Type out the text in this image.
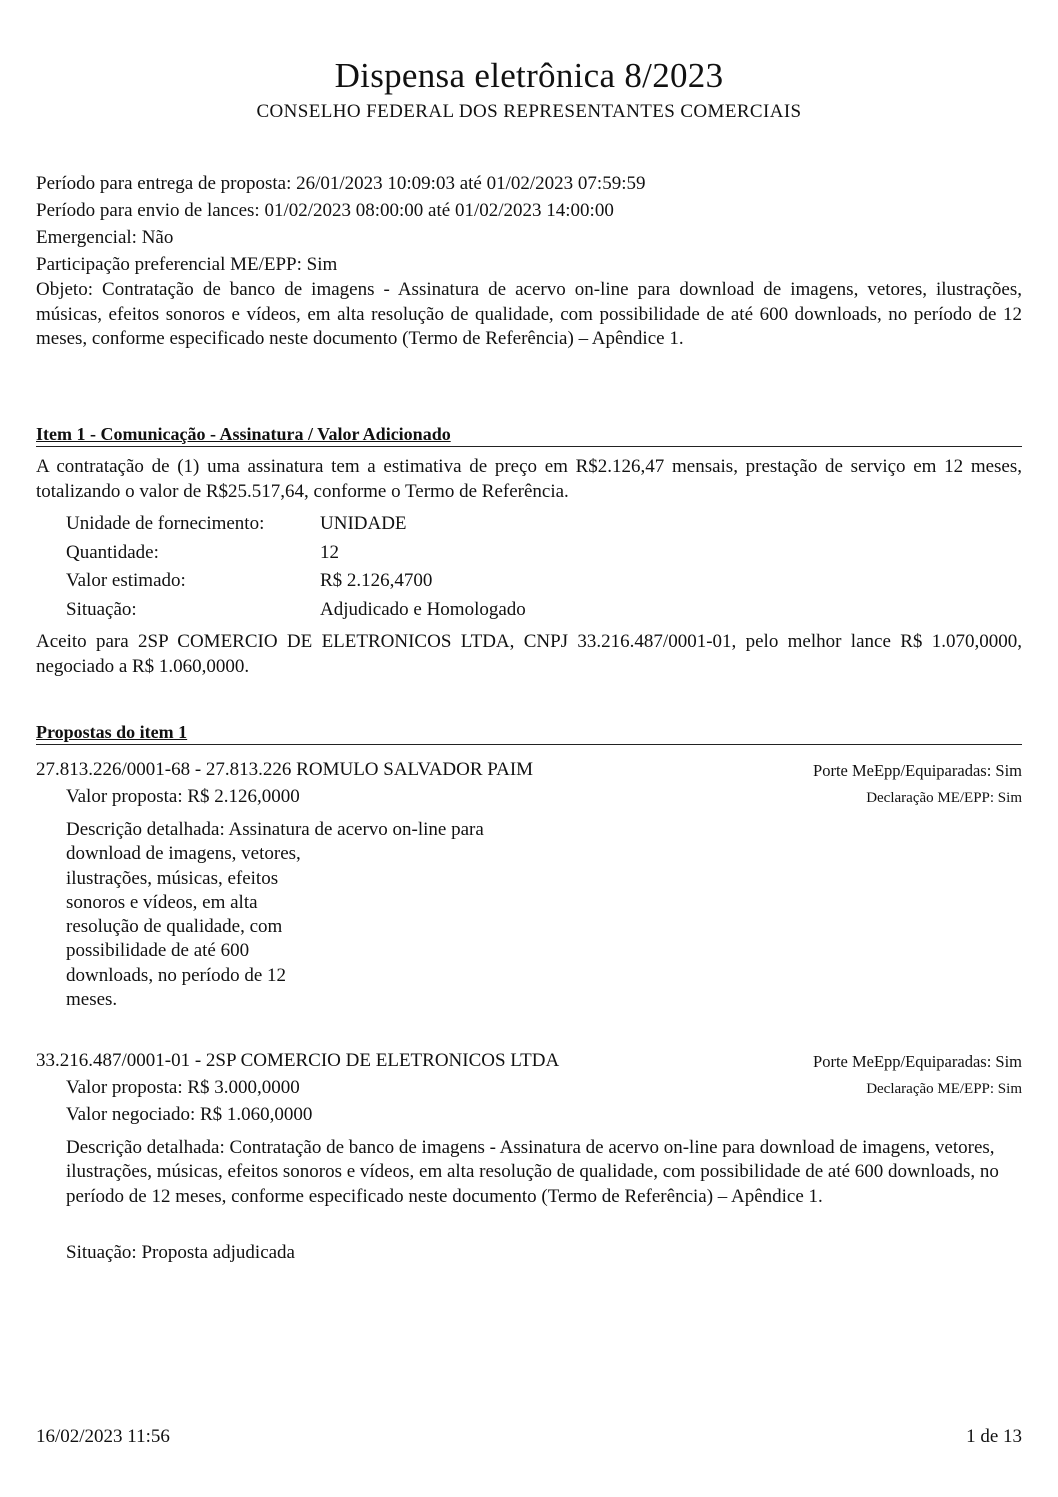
Dispensa eletrônica 8/2023
CONSELHO FEDERAL DOS REPRESENTANTES COMERCIAIS
Período para entrega de proposta: 26/01/2023 10:09:03 até 01/02/2023 07:59:59
Período para envio de lances: 01/02/2023 08:00:00 até 01/02/2023 14:00:00
Emergencial: Não
Participação preferencial ME/EPP: Sim
Objeto: Contratação de banco de imagens - Assinatura de acervo on-line para download de imagens, vetores, ilustrações, músicas, efeitos sonoros e vídeos, em alta resolução de qualidade, com possibilidade de até 600 downloads, no período de 12 meses, conforme especificado neste documento (Termo de Referência) – Apêndice 1.
Item 1 - Comunicação - Assinatura / Valor Adicionado
A contratação de (1) uma assinatura tem a estimativa de preço em R$2.126,47 mensais, prestação de serviço em 12 meses, totalizando o valor de R$25.517,64, conforme o Termo de Referência.
Unidade de fornecimento:	UNIDADE
Quantidade:	12
Valor estimado:	R$ 2.126,4700
Situação:	Adjudicado e Homologado
Aceito para 2SP COMERCIO DE ELETRONICOS LTDA, CNPJ 33.216.487/0001-01, pelo melhor lance R$ 1.070,0000, negociado a R$ 1.060,0000.
Propostas do item 1
27.813.226/0001-68 - 27.813.226 ROMULO SALVADOR PAIM	Porte MeEpp/Equiparadas: Sim
Declaração ME/EPP: Sim
Valor proposta: R$ 2.126,0000
Descrição detalhada: Assinatura de acervo on-line para
download de imagens, vetores,
ilustrações, músicas, efeitos
sonoros e vídeos, em alta
resolução de qualidade, com
possibilidade de até 600
downloads, no período de 12
meses.
33.216.487/0001-01 - 2SP COMERCIO DE ELETRONICOS LTDA	Porte MeEpp/Equiparadas: Sim
Declaração ME/EPP: Sim
Valor proposta: R$ 3.000,0000
Valor negociado: R$ 1.060,0000
Descrição detalhada: Contratação de banco de imagens - Assinatura de acervo on-line para download de imagens, vetores, ilustrações, músicas, efeitos sonoros e vídeos, em alta resolução de qualidade, com possibilidade de até 600 downloads, no período de 12 meses, conforme especificado neste documento (Termo de Referência) – Apêndice 1.
Situação: Proposta adjudicada
16/02/2023 11:56	1 de 13
